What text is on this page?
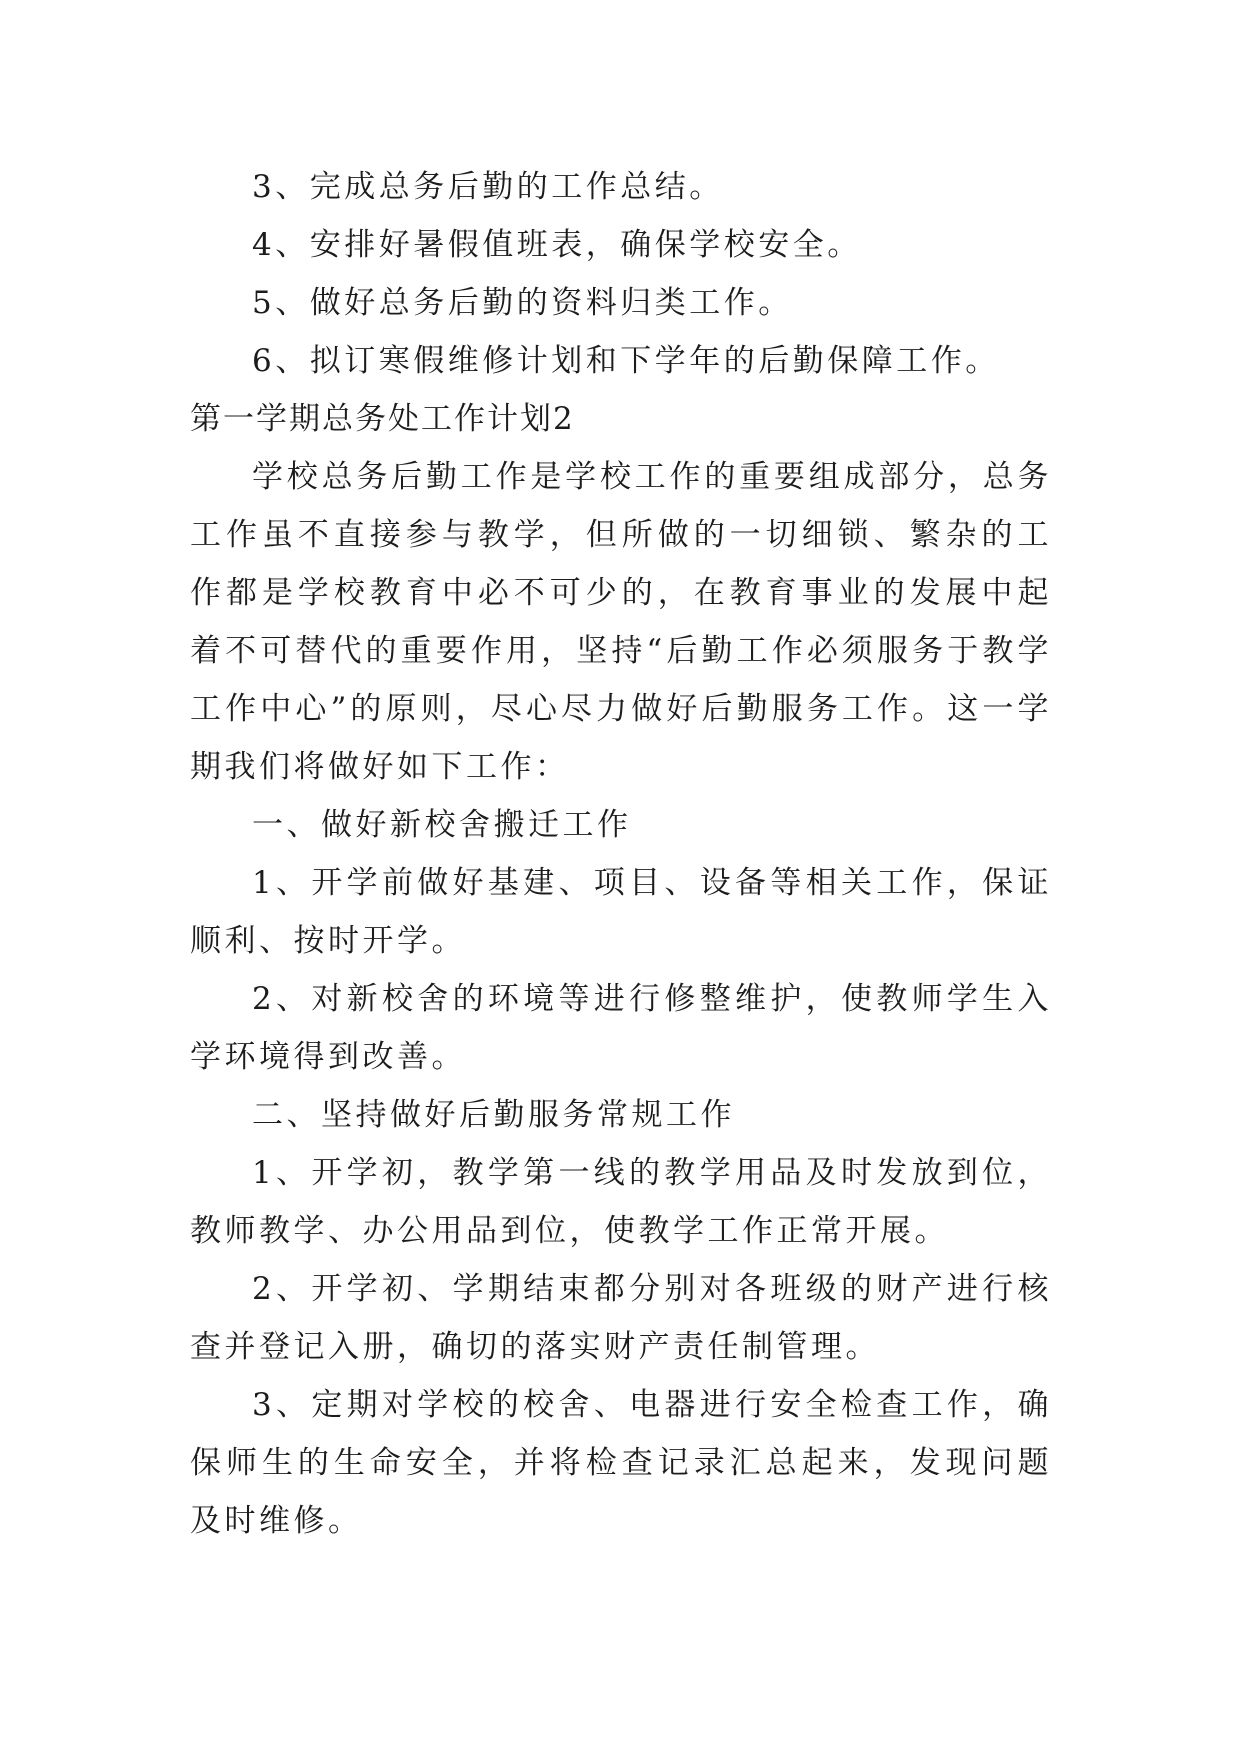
3、完成总务后勤的工作总结。

4、安排好暑假值班表，确保学校安全。

5、做好总务后勤的资料归类工作。

6、拟订寒假维修计划和下学年的后勤保障工作。

第一学期总务处工作计划2

学校总务后勤工作是学校工作的重要组成部分，总务工作虽不直接参与教学，但所做的一切细锁、繁杂的工作都是学校教育中必不可少的，在教育事业的发展中起着不可替代的重要作用，坚持“后勤工作必须服务于教学工作中心”的原则，尽心尽力做好后勤服务工作。这一学期我们将做好如下工作：

一、做好新校舍搬迁工作

1、开学前做好基建、项目、设备等相关工作，保证顺利、按时开学。

2、对新校舍的环境等进行修整维护，使教师学生入学环境得到改善。

二、坚持做好后勤服务常规工作

1、开学初，教学第一线的教学用品及时发放到位，教师教学、办公用品到位，使教学工作正常开展。

2、开学初、学期结束都分别对各班级的财产进行核查并登记入册，确切的落实财产责任制管理。

3、定期对学校的校舍、电器进行安全检查工作，确保师生的生命安全，并将检查记录汇总起来，发现问题及时维修。
